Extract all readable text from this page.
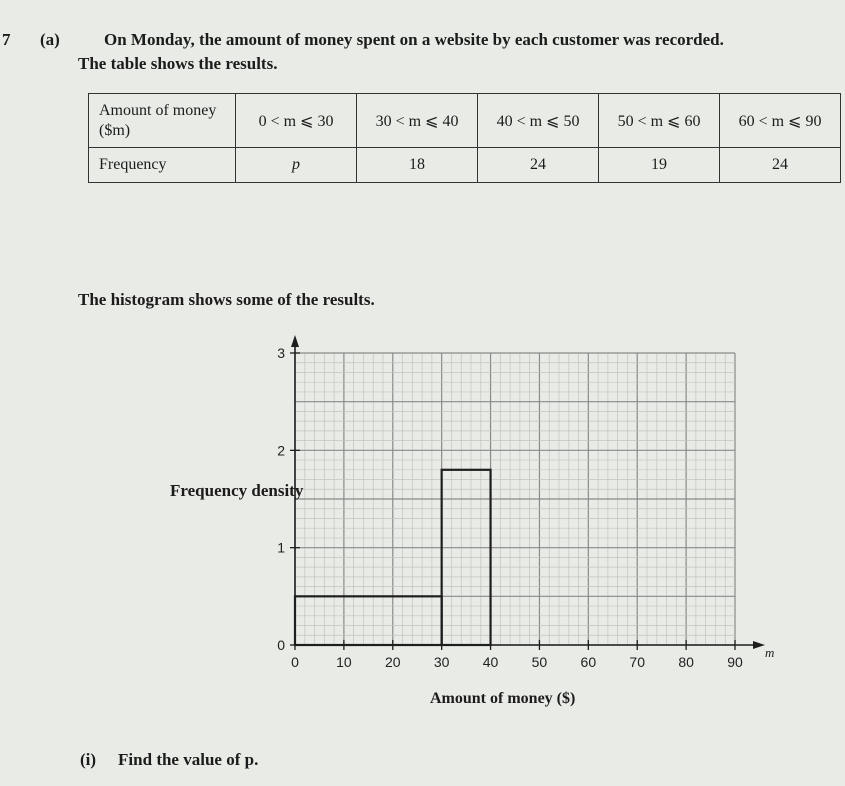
7 (a)	On Monday, the amount of money spent on a website by each customer was recorded.
The table shows the results.
Amount of money ($m)	0 < m ⩽ 30	30 < m ⩽ 40	40 < m ⩽ 50	50 < m ⩽ 60	60 < m ⩽ 90
Frequency	p	18	24	19	24
The histogram shows some of the results.
0	10 20 30 40 50 60 70 80 90
0
1
2
3
m
Frequency density
Amount of money ($)
(i) Find the value of p.
